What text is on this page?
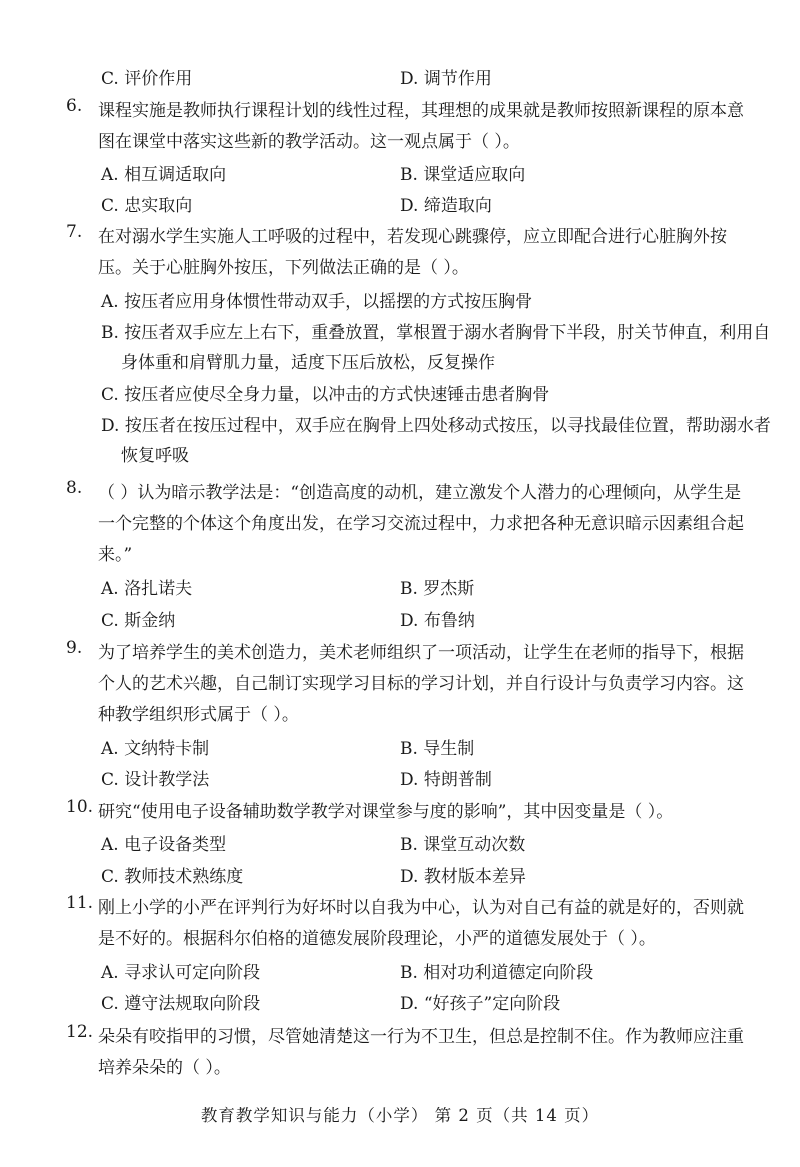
C. 评价作用	D. 调节作用
6. 课程实施是教师执行课程计划的线性过程，其理想的成果就是教师按照新课程的原本意图在课堂中落实这些新的教学活动。这一观点属于（ ）。
A. 相互调适取向	B. 课堂适应取向
C. 忠实取向	D. 缔造取向
7. 在对溺水学生实施人工呼吸的过程中，若发现心跳骤停，应立即配合进行心脏胸外按压。关于心脏胸外按压，下列做法正确的是（ ）。
A. 按压者应用身体惯性带动双手，以摇摆的方式按压胸骨
B. 按压者双手应左上右下，重叠放置，掌根置于溺水者胸骨下半段，肘关节伸直，利用自身体重和肩臂肌力量，适度下压后放松，反复操作
C. 按压者应使尽全身力量，以冲击的方式快速锤击患者胸骨
D. 按压者在按压过程中，双手应在胸骨上四处移动式按压，以寻找最佳位置，帮助溺水者恢复呼吸
8. （ ）认为暗示教学法是：“创造高度的动机，建立激发个人潜力的心理倾向，从学生是一个完整的个体这个角度出发，在学习交流过程中，力求把各种无意识暗示因素组合起来。”
A. 洛扎诺夫	B. 罗杰斯
C. 斯金纳	D. 布鲁纳
9. 为了培养学生的美术创造力，美术老师组织了一项活动，让学生在老师的指导下，根据个人的艺术兴趣，自己制订实现学习目标的学习计划，并自行设计与负责学习内容。这种教学组织形式属于（ ）。
A. 文纳特卡制	B. 导生制
C. 设计教学法	D. 特朗普制
10. 研究“使用电子设备辅助数学教学对课堂参与度的影响”，其中因变量是（ ）。
A. 电子设备类型	B. 课堂互动次数
C. 教师技术熟练度	D. 教材版本差异
11. 刚上小学的小严在评判行为好坏时以自我为中心，认为对自己有益的就是好的，否则就是不好的。根据科尔伯格的道德发展阶段理论，小严的道德发展处于（ ）。
A. 寻求认可定向阶段	B. 相对功利道德定向阶段
C. 遵守法规取向阶段	D. “好孩子”定向阶段
12. 朵朵有咬指甲的习惯，尽管她清楚这一行为不卫生，但总是控制不住。作为教师应注重培养朵朵的（ ）。
教育教学知识与能力（小学） 第 2 页（共 14 页）
